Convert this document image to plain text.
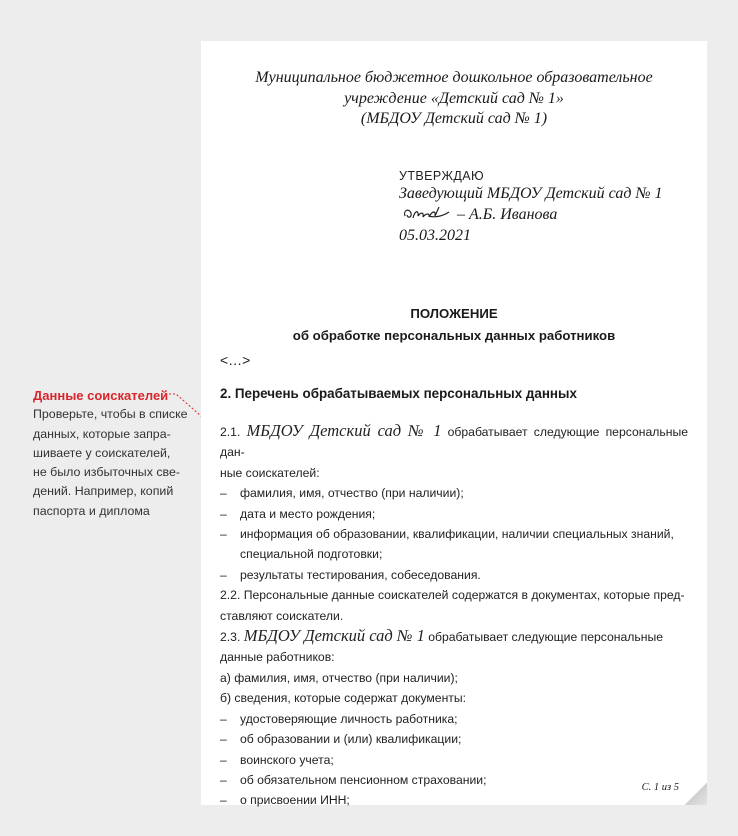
Данные соискателей
Проверьте, чтобы в списке
данных, которые запра-
шиваете у соискателей,
не было избыточных све-
дений. Например, копий
паспорта и диплома
Муниципальное бюджетное дошкольное образовательное
учреждение «Детский сад № 1»
(МБДОУ Детский сад № 1)
УТВЕРЖДАЮ
Заведующий МБДОУ Детский сад № 1
– А.Б. Иванова
05.03.2021
ПОЛОЖЕНИЕ
об обработке персональных данных работников
<…>
2. Перечень обрабатываемых персональных данных

2.1. МБДОУ Детский сад № 1 обрабатывает следующие персональные дан-

ные соискателей:

– фамилия, имя, отчество (при наличии);

– дата и место рождения;

– информация об образовании, квалификации, наличии специальных знаний, специальной подготовки;

– результаты тестирования, собеседования.

2.2. Персональные данные соискателей содержатся в документах, которые пред-

ставляют соискатели.

2.3. МБДОУ Детский сад № 1 обрабатывает следующие персональные

данные работников:

а) фамилия, имя, отчество (при наличии);

б) сведения, которые содержат документы:

– удостоверяющие личность работника;

– об образовании и (или) квалификации;

– воинского учета;

– об обязательном пенсионном страховании;

– о присвоении ИНН;

С. 1 из 5
